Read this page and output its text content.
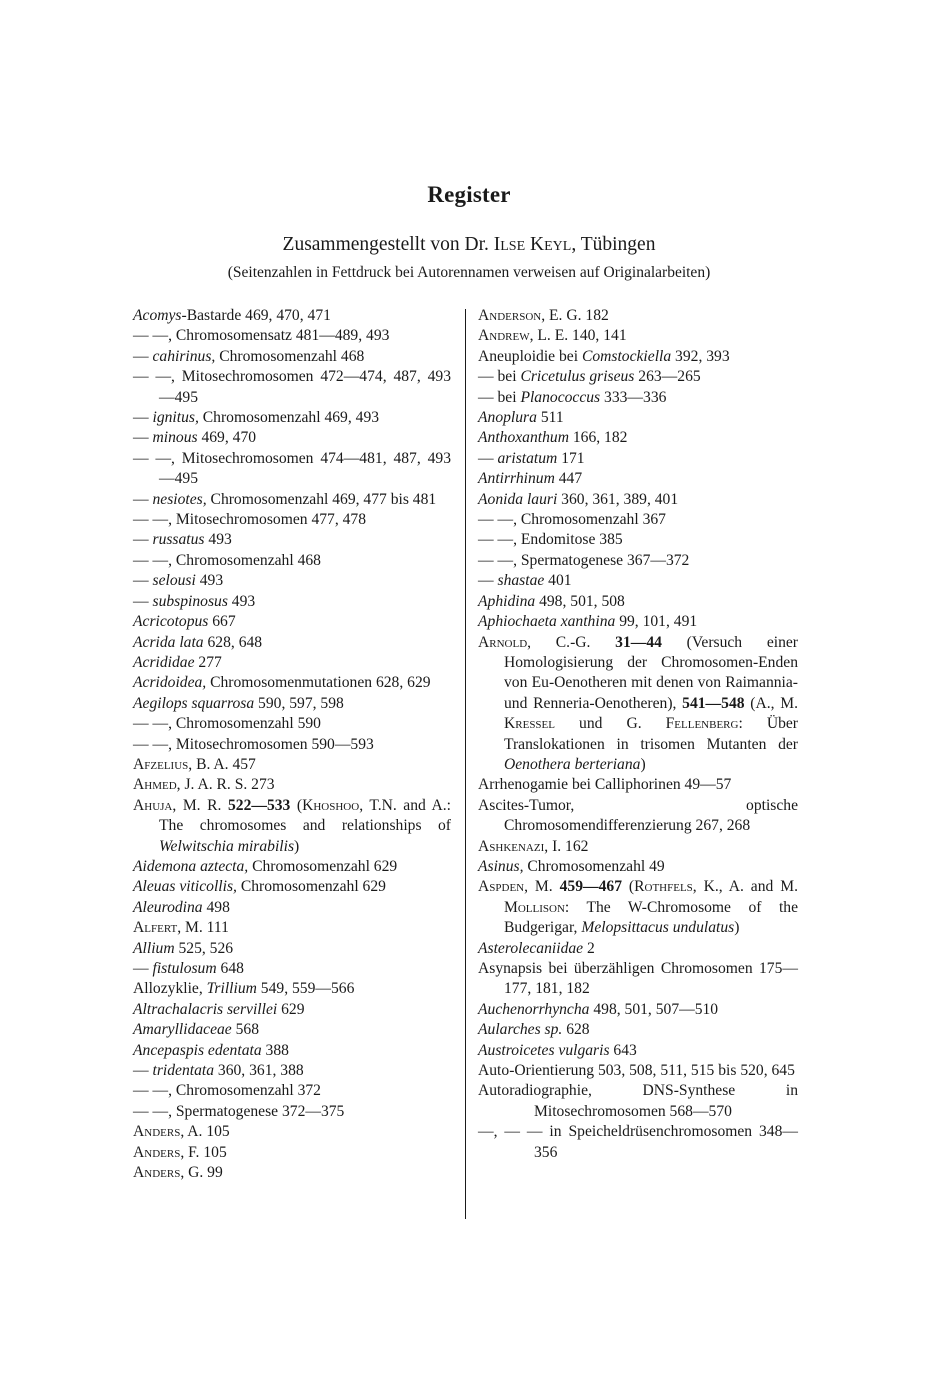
Register
Zusammengestellt von Dr. Ilse Keyl, Tübingen
(Seitenzahlen in Fettdruck bei Autorennamen verweisen auf Originalarbeiten)
Acomys-Bastarde 469, 470, 471
— —, Chromosomensatz 481—489, 493
— cahirinus, Chromosomenzahl 468
— —, Mitosechromosomen 472—474, 487, 493—495
— ignitus, Chromosomenzahl 469, 493
— minous 469, 470
— —, Mitosechromosomen 474—481, 487, 493—495
— nesiotes, Chromosomenzahl 469, 477 bis 481
— —, Mitosechromosomen 477, 478
— russatus 493
— —, Chromosomenzahl 468
— selousi 493
— subspinosus 493
Acricotopus 667
Acrida lata 628, 648
Acrididae 277
Acridoidea, Chromosomenmutationen 628, 629
Aegilops squarrosa 590, 597, 598
— —, Chromosomenzahl 590
— —, Mitosechromosomen 590—593
Afzelius, B. A. 457
Ahmed, J. A. R. S. 273
Ahuja, M. R. 522—533 (Khoshoo, T.N. and A.: The chromosomes and relationships of Welwitschia mirabilis)
Aidemona aztecta, Chromosomenzahl 629
Aleuas viticollis, Chromosomenzahl 629
Aleurodina 498
Alfert, M. 111
Allium 525, 526
— fistulosum 648
Allozyklie, Trillium 549, 559—566
Altrachalacris servillei 629
Amaryllidaceae 568
Ancepaspis edentata 388
— tridentata 360, 361, 388
— —, Chromosomenzahl 372
— —, Spermatogenese 372—375
Anders, A. 105
Anders, F. 105
Anders, G. 99
Anderson, E. G. 182
Andrew, L. E. 140, 141
Aneuploidie bei Comstockiella 392, 393
— bei Cricetulus griseus 263—265
— bei Planococcus 333—336
Anoplura 511
Anthoxanthum 166, 182
— aristatum 171
Antirrhinum 447
Aonida lauri 360, 361, 389, 401
— —, Chromosomenzahl 367
— —, Endomitose 385
— —, Spermatogenese 367—372
— shastae 401
Aphidina 498, 501, 508
Aphiochaeta xanthina 99, 101, 491
Arnold, C.-G. 31—44 (Versuch einer Homologisierung der Chromosomen-Enden von Eu-Oenotheren mit denen von Raimannia- und Renneria-Oenotheren), 541—548 (A., M. Kressel und G. Fellenberg: Über Translokationen in trisomen Mutanten der Oenothera berteriana)
Arrhenogamie bei Calliphorinen 49—57
Ascites-Tumor, optische Chromosomendifferenzierung 267, 268
Ashkenazi, I. 162
Asinus, Chromosomenzahl 49
Aspden, M. 459—467 (Rothfels, K., A. and M. Mollison: The W-Chromosome of the Budgerigar, Melopsittacus undulatus)
Asterolecaniidae 2
Asynapsis bei überzähligen Chromosomen 175—177, 181, 182
Auchenorrhyncha 498, 501, 507—510
Aularches sp. 628
Austroicetes vulgaris 643
Auto-Orientierung 503, 508, 511, 515 bis 520, 645
Autoradiographie, DNS-Synthese in Mitosechromosomen 568—570
—, — — in Speicheldrüsenchromosomen 348—356
